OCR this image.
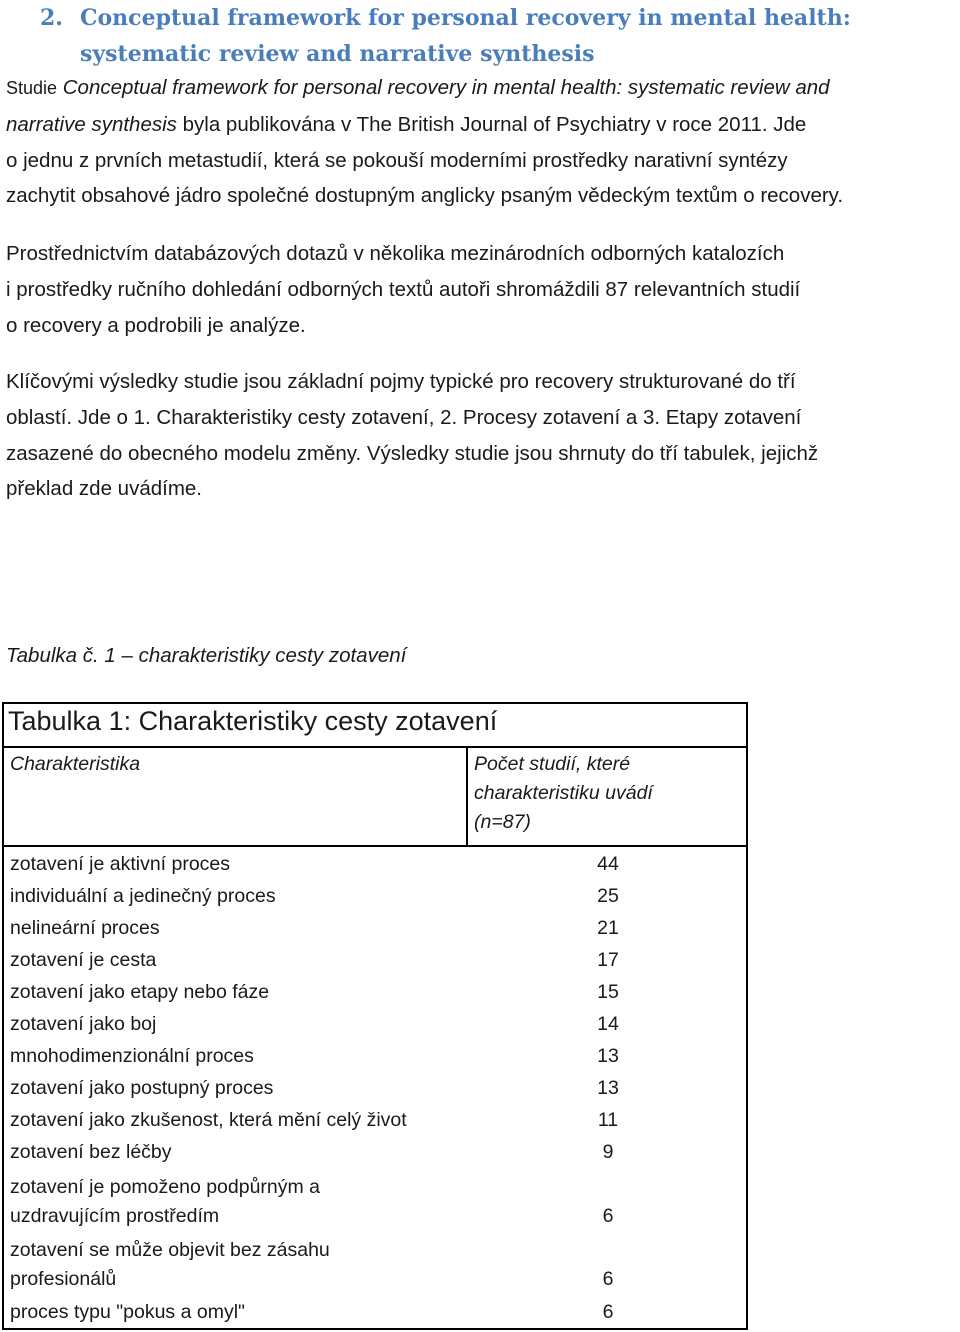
2. Conceptual framework for personal recovery in mental health:
systematic review and narrative synthesis
Studie Conceptual framework for personal recovery in mental health: systematic review and
narrative synthesis byla publikována v The British Journal of Psychiatry v roce 2011. Jde
o jednu z prvních metastudií, která se pokouší moderními prostředky narativní syntézy
zachytit obsahové jádro společné dostupným anglicky psaným vědeckým textům o recovery.
Prostřednictvím databázových dotazů v několika mezinárodních odborných katalozích
i prostředky ručního dohledání odborných textů autoři shromáždili 87 relevantních studií
o recovery a podrobili je analýze.
Klíčovými výsledky studie jsou základní pojmy typické pro recovery strukturované do tří
oblastí. Jde o 1. Charakteristiky cesty zotavení, 2. Procesy zotavení a 3. Etapy zotavení
zasazené do obecného modelu změny. Výsledky studie jsou shrnuty do tří tabulek, jejichž
překlad zde uvádíme.
Tabulka č. 1 – charakteristiky cesty zotavení
Tabulka 1: Charakteristiky cesty zotavení
Charakteristika	Počet studií, které
charakteristiku uvádí
(n=87)
zotavení je aktivní proces	44
individuální a jedinečný proces	25
nelineární proces	21
zotavení je cesta	17
zotavení jako etapy nebo fáze	15
zotavení jako boj	14
mnohodimenzionální proces	13
zotavení jako postupný proces	13
zotavení jako zkušenost, která mění celý život	11
zotavení bez léčby	9
zotavení je pomoženo podpůrným a
uzdravujícím prostředím	6
zotavení se může objevit bez zásahu
profesionálů	6
proces typu "pokus a omyl"	6
